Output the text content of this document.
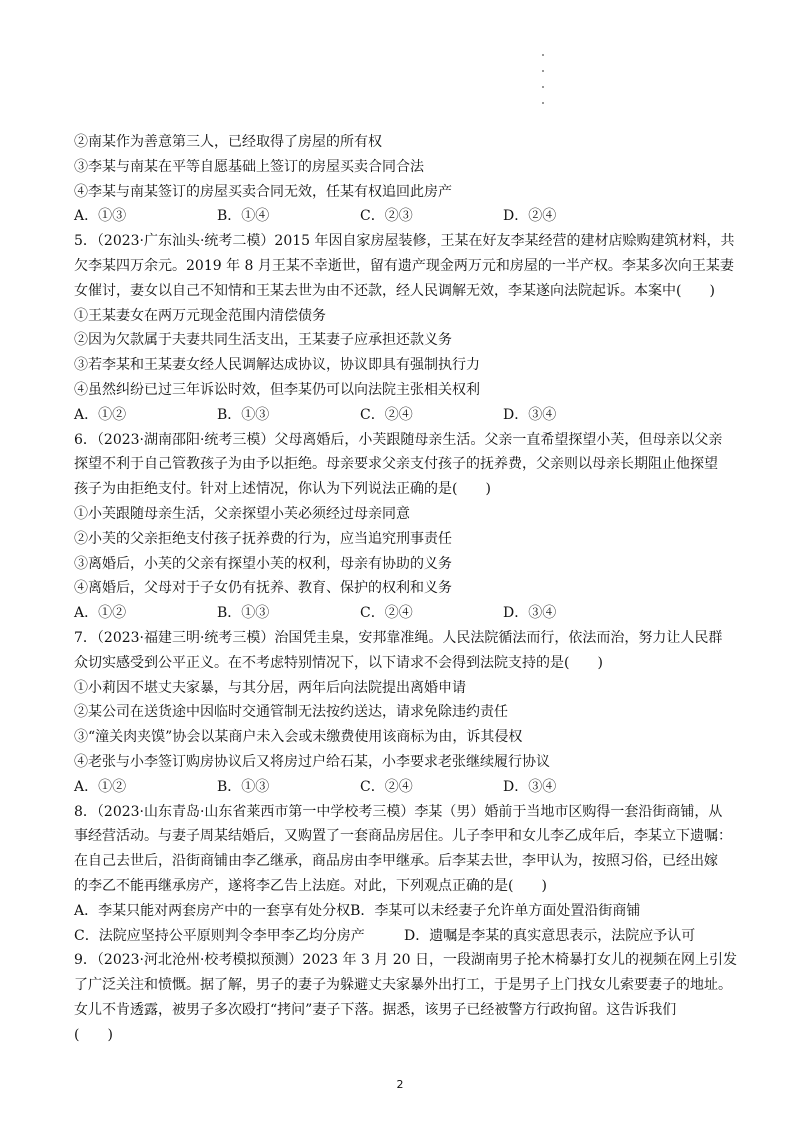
②南某作为善意第三人，已经取得了房屋的所有权
③李某与南某在平等自愿基础上签订的房屋买卖合同合法
④李某与南某签订的房屋买卖合同无效，任某有权追回此房产
A．①③	B．①④	C．②③	D．②④
5．（2023·广东汕头·统考二模）2015 年因自家房屋装修，王某在好友李某经营的建材店赊购建筑材料，共
欠李某四万余元。2019 年 8 月王某不幸逝世，留有遗产现金两万元和房屋的一半产权。李某多次向王某妻
女催讨，妻女以自己不知情和王某去世为由不还款，经人民调解无效，李某遂向法院起诉。本案中(　　)
①王某妻女在两万元现金范围内清偿债务
②因为欠款属于夫妻共同生活支出，王某妻子应承担还款义务
③若李某和王某妻女经人民调解达成协议，协议即具有强制执行力
④虽然纠纷已过三年诉讼时效，但李某仍可以向法院主张相关权利
A．①②	B．①③	C．②④	D．③④
6．（2023·湖南邵阳·统考三模）父母离婚后，小芙跟随母亲生活。父亲一直希望探望小芙，但母亲以父亲
探望不利于自己管教孩子为由予以拒绝。母亲要求父亲支付孩子的抚养费，父亲则以母亲长期阻止他探望
孩子为由拒绝支付。针对上述情况，你认为下列说法正确的是(　　)
①小芙跟随母亲生活，父亲探望小芙必须经过母亲同意
②小芙的父亲拒绝支付孩子抚养费的行为，应当追究刑事责任
③离婚后，小芙的父亲有探望小芙的权利，母亲有协助的义务
④离婚后，父母对于子女仍有抚养、教育、保护的权利和义务
A．①②	B．①③	C．②④	D．③④
7．（2023·福建三明·统考三模）治国凭圭臬，安邦靠准绳。人民法院循法而行，依法而治，努力让人民群
众切实感受到公平正义。在不考虑特别情况下，以下请求不会得到法院支持的是(　　)
①小莉因不堪丈夫家暴，与其分居，两年后向法院提出离婚申请
②某公司在送货途中因临时交通管制无法按约送达，请求免除违约责任
③“潼关肉夹馍”协会以某商户未入会或未缴费使用该商标为由，诉其侵权
④老张与小李签订购房协议后又将房过户给石某，小李要求老张继续履行协议
A．①②	B．①③	C．②④	D．③④
8．（2023·山东青岛·山东省莱西市第一中学校考三模）李某（男）婚前于当地市区购得一套沿街商铺，从
事经营活动。与妻子周某结婚后，又购置了一套商品房居住。儿子李甲和女儿李乙成年后，李某立下遗嘱：
在自己去世后，沿街商铺由李乙继承，商品房由李甲继承。后李某去世，李甲认为，按照习俗，已经出嫁
的李乙不能再继承房产，遂将李乙告上法庭。对此，下列观点正确的是(　　)
A．李某只能对两套房产中的一套享有处分权B．李某可以未经妻子允许单方面处置沿街商铺
C．法院应坚持公平原则判令李甲李乙均分房产	D．遗嘱是李某的真实意思表示，法院应予认可
9．（2023·河北沧州·校考模拟预测）2023 年 3 月 20 日，一段湖南男子抡木椅暴打女儿的视频在网上引发
了广泛关注和愤慨。据了解，男子的妻子为躲避丈夫家暴外出打工，于是男子上门找女儿索要妻子的地址。
女儿不肯透露，被男子多次殴打“拷问”妻子下落。据悉，该男子已经被警方行政拘留。这告诉我们
(　　)
2
